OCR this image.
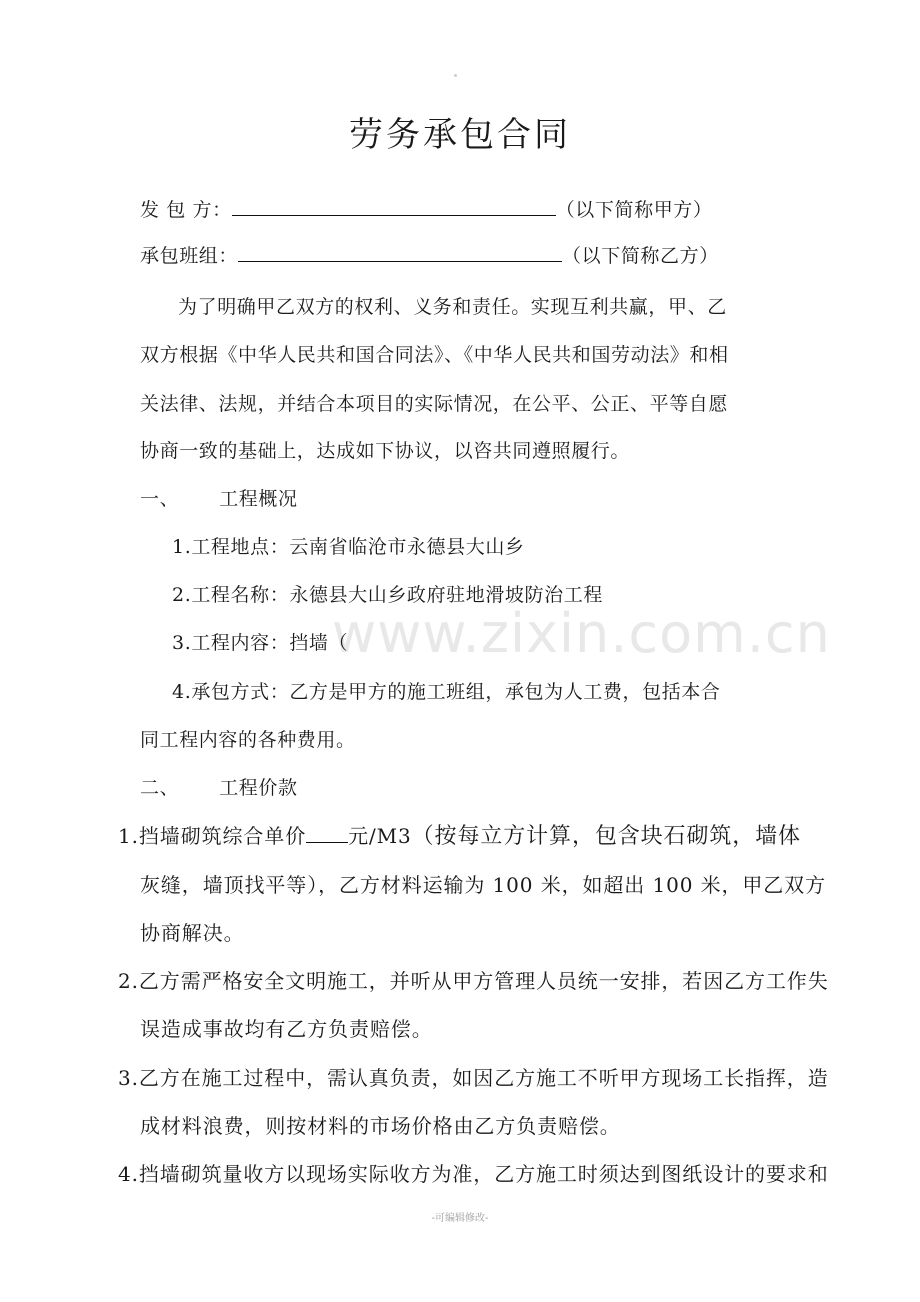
www.zixin.com.cn
劳务承包合同
发 包 方：	（以下简称甲方）
承包班组：	（以下简称乙方）
为了明确甲乙双方的权利、义务和责任。实现互利共赢，甲、乙
双方根据《中华人民共和国合同法》、《中华人民共和国劳动法》和相
关法律、法规，并结合本项目的实际情况，在公平、公正、平等自愿
协商一致的基础上，达成如下协议，以咨共同遵照履行。
一、 工程概况
1.工程地点：云南省临沧市永德县大山乡
2.工程名称：永德县大山乡政府驻地滑坡防治工程
3.工程内容：挡墙（
4.承包方式：乙方是甲方的施工班组，承包为人工费，包括本合
同工程内容的各种费用。
二、 工程价款
1.挡墙砌筑综合单价 元/M3（按每立方计算，包含块石砌筑，墙体
灰缝，墙顶找平等），乙方材料运输为 100 米，如超出 100 米，甲乙双方
协商解决。
2.乙方需严格安全文明施工，并听从甲方管理人员统一安排，若因乙方工作失
误造成事故均有乙方负责赔偿。
3.乙方在施工过程中，需认真负责，如因乙方施工不听甲方现场工长指挥，造
成材料浪费，则按材料的市场价格由乙方负责赔偿。
4.挡墙砌筑量收方以现场实际收方为准，乙方施工时须达到图纸设计的要求和
-可编辑修改-
